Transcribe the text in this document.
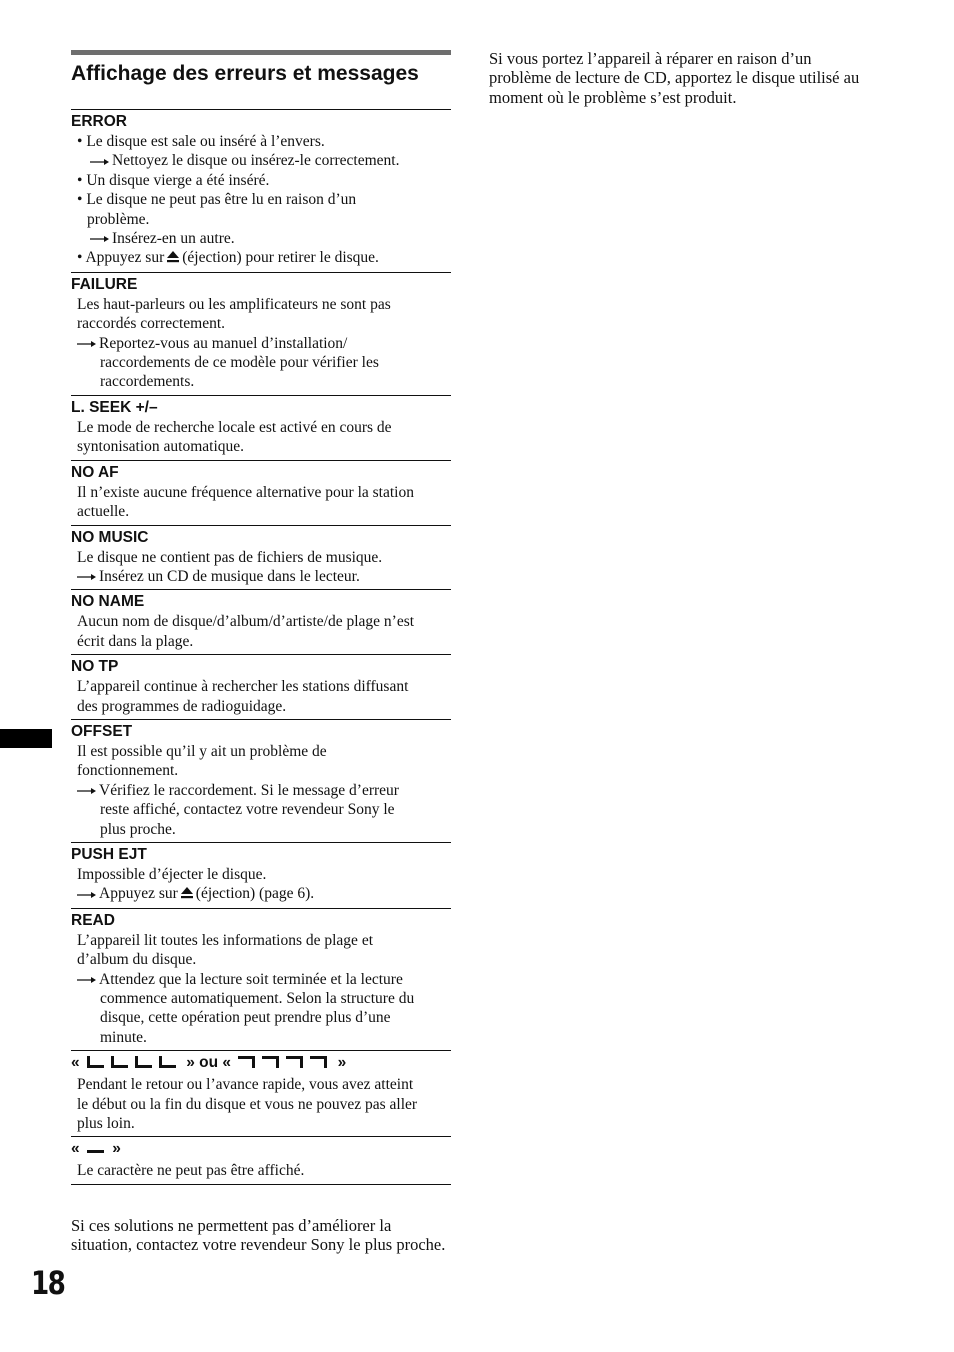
Affichage des erreurs et messages
ERROR
• Le disque est sale ou inséré à l’envers.
Nettoyez le disque ou insérez-le correctement.
• Un disque vierge a été inséré.
• Le disque ne peut pas être lu en raison d’un
problème.
Insérez-en un autre.
• Appuyez sur (éjection) pour retirer le disque.
FAILURE
Les haut-parleurs ou les amplificateurs ne sont pas
raccordés correctement.
Reportez-vous au manuel d’installation/
raccordements de ce modèle pour vérifier les
raccordements.
L. SEEK +/–
Le mode de recherche locale est activé en cours de
syntonisation automatique.
NO AF
Il n’existe aucune fréquence alternative pour la station
actuelle.
NO MUSIC
Le disque ne contient pas de fichiers de musique.
Insérez un CD de musique dans le lecteur.
NO NAME
Aucun nom de disque/d’album/d’artiste/de plage n’est
écrit dans la plage.
NO TP
L’appareil continue à rechercher les stations diffusant
des programmes de radioguidage.
OFFSET
Il est possible qu’il y ait un problème de
fonctionnement.
Vérifiez le raccordement. Si le message d’erreur
reste affiché, contactez votre revendeur Sony le
plus proche.
PUSH EJT
Impossible d’éjecter le disque.
Appuyez sur (éjection) (page 6).
READ
L’appareil lit toutes les informations de plage et
d’album du disque.
Attendez que la lecture soit terminée et la lecture
commence automatiquement. Selon la structure du
disque, cette opération peut prendre plus d’une
minute.
«	» ou «	»
Pendant le retour ou l’avance rapide, vous avez atteint
le début ou la fin du disque et vous ne pouvez pas aller
plus loin.
« »
Le caractère ne peut pas être affiché.
Si ces solutions ne permettent pas d’améliorer la situation, contactez votre revendeur Sony le plus proche.
Si vous portez l’appareil à réparer en raison d’un problème de lecture de CD, apportez le disque utilisé au moment où le problème s’est produit.
18
